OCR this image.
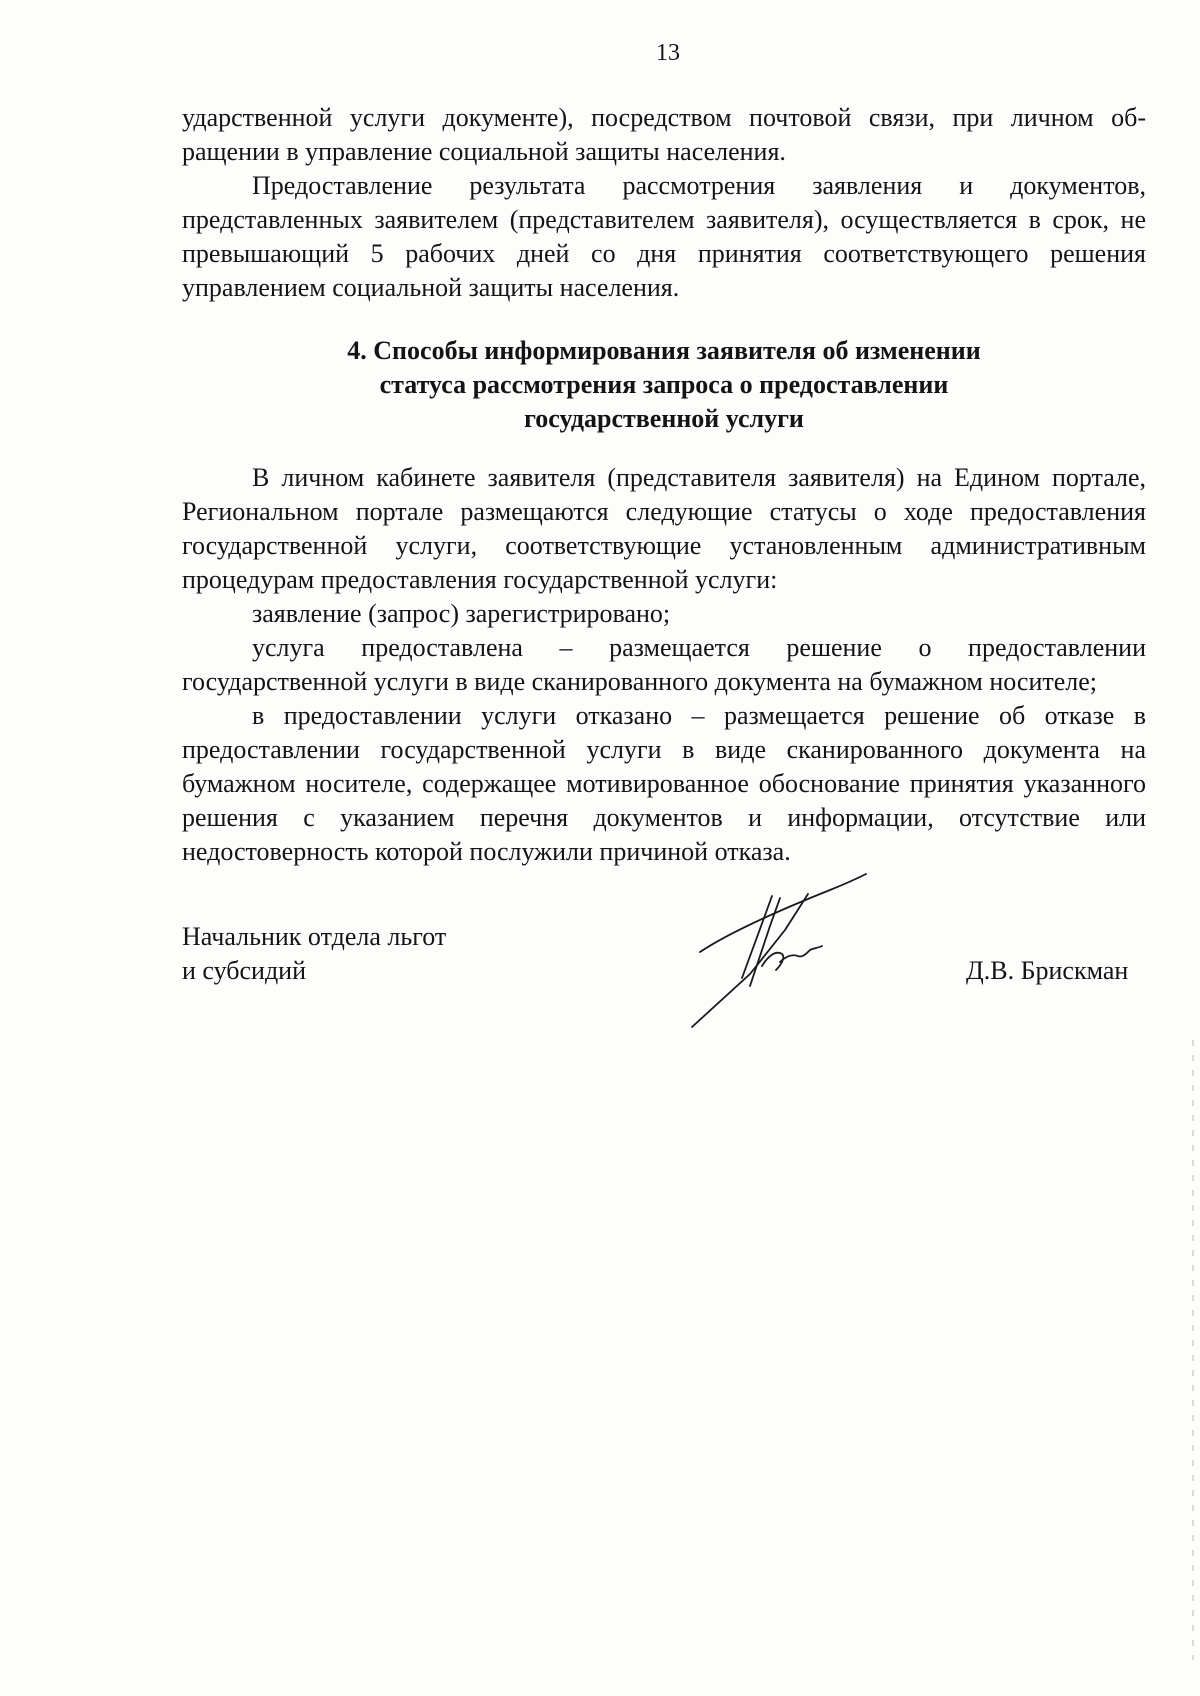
13

ударственной услуги документе), посредством почтовой связи, при личном об-

ращении в управление социальной защиты населения.

Предоставление результата рассмотрения заявления и документов, представленных заявителем (представителем заявителя), осуществляется в срок, не превышающий 5 рабочих дней со дня принятия соответствующего решения управлением социальной защиты населения.

4. Способы информирования заявителя об изменении
статуса рассмотрения запроса о предоставлении
государственной услуги

В личном кабинете заявителя (представителя заявителя) на Едином портале, Региональном портале размещаются следующие статусы о ходе предоставления государственной услуги, соответствующие установленным административным процедурам предоставления государственной услуги:

заявление (запрос) зарегистрировано;

услуга предоставлена – размещается решение о предоставлении государственной услуги в виде сканированного документа на бумажном носителе;

в предоставлении услуги отказано – размещается решение об отказе в предоставлении государственной услуги в виде сканированного документа на бумажном носителе, содержащее мотивированное обоснование принятия указанного решения с указанием перечня документов и информации, отсутствие или недостоверность которой послужили причиной отказа.

Начальник отдела льгот
и субсидий	Д.В. Брискман
